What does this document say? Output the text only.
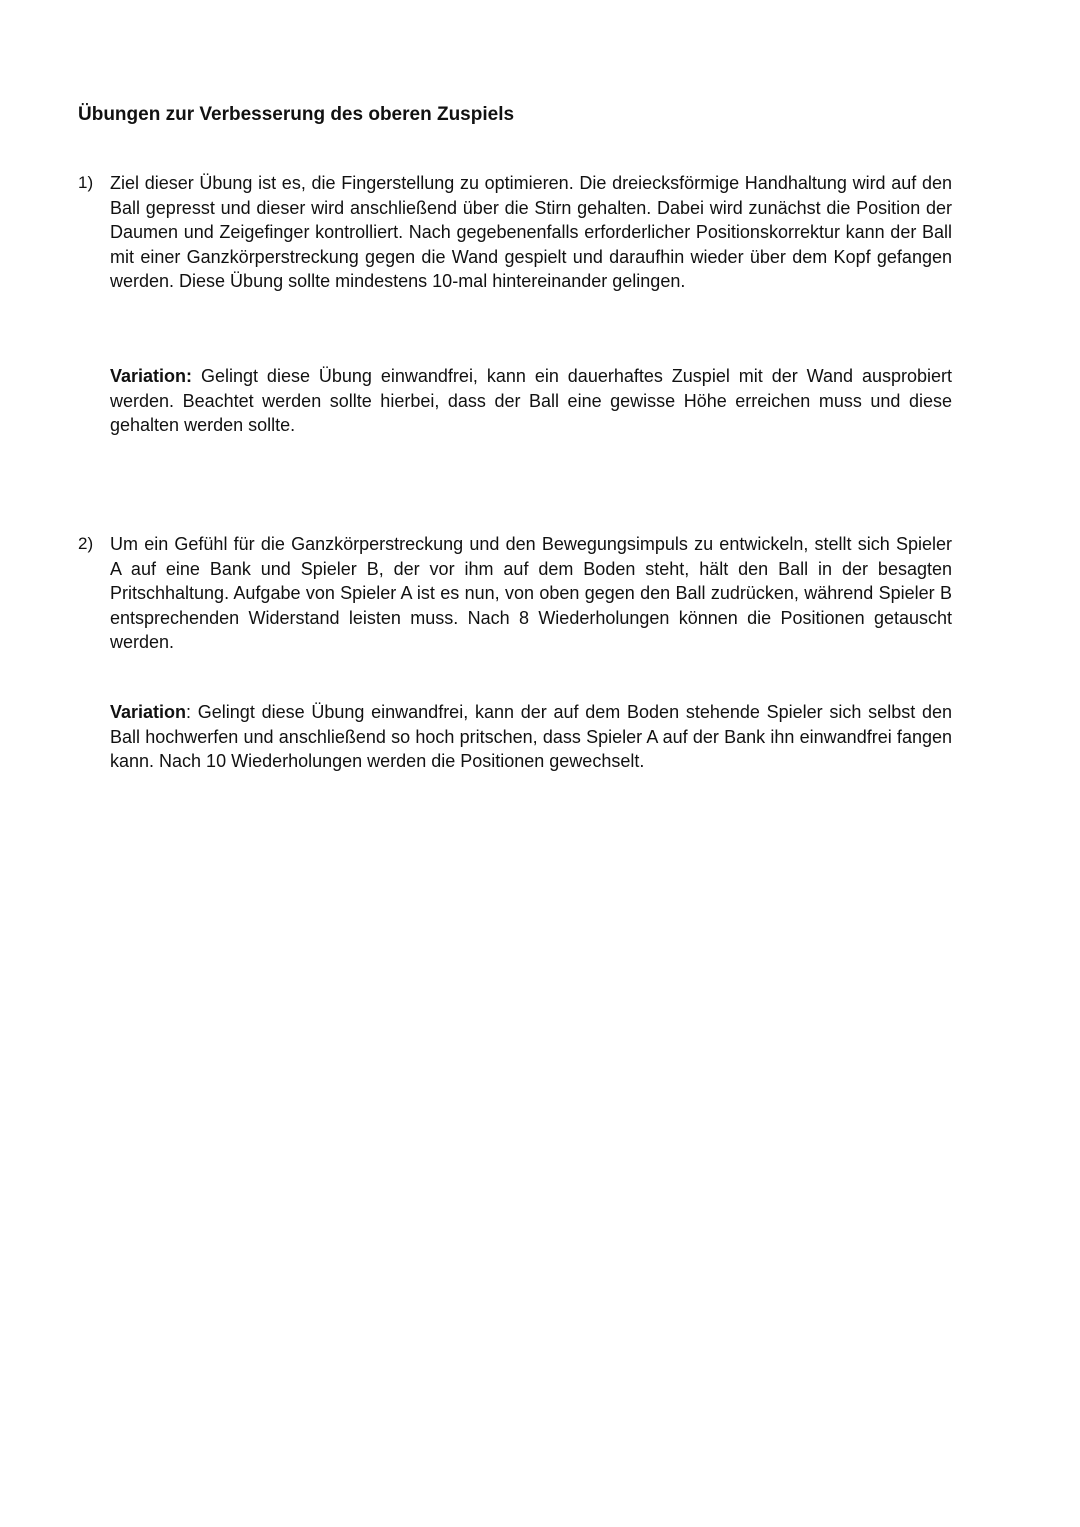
Übungen zur Verbesserung des oberen Zuspiels
1) Ziel dieser Übung ist es, die Fingerstellung zu optimieren. Die dreiecksförmige Handhaltung wird auf den Ball gepresst und dieser wird anschließend über die Stirn gehalten. Dabei wird zunächst die Position der Daumen und Zeigefinger kontrolliert. Nach gegebenenfalls erforderlicher Positionskorrektur kann der Ball mit einer Ganzkörperstreckung gegen die Wand gespielt und daraufhin wieder über dem Kopf gefangen werden. Diese Übung sollte mindestens 10-mal hintereinander gelingen.

Variation: Gelingt diese Übung einwandfrei, kann ein dauerhaftes Zuspiel mit der Wand ausprobiert werden. Beachtet werden sollte hierbei, dass der Ball eine gewisse Höhe erreichen muss und diese gehalten werden sollte.

2) Um ein Gefühl für die Ganzkörperstreckung und den Bewegungsimpuls zu entwickeln, stellt sich Spieler A auf eine Bank und Spieler B, der vor ihm auf dem Boden steht, hält den Ball in der besagten Pritschhaltung. Aufgabe von Spieler A ist es nun, von oben gegen den Ball zudrücken, während Spieler B entsprechenden Widerstand leisten muss. Nach 8 Wiederholungen können die Positionen getauscht werden.

Variation: Gelingt diese Übung einwandfrei, kann der auf dem Boden stehende Spieler sich selbst den Ball hochwerfen und anschließend so hoch pritschen, dass Spieler A auf der Bank ihn einwandfrei fangen kann. Nach 10 Wiederholungen werden die Positionen gewechselt.
